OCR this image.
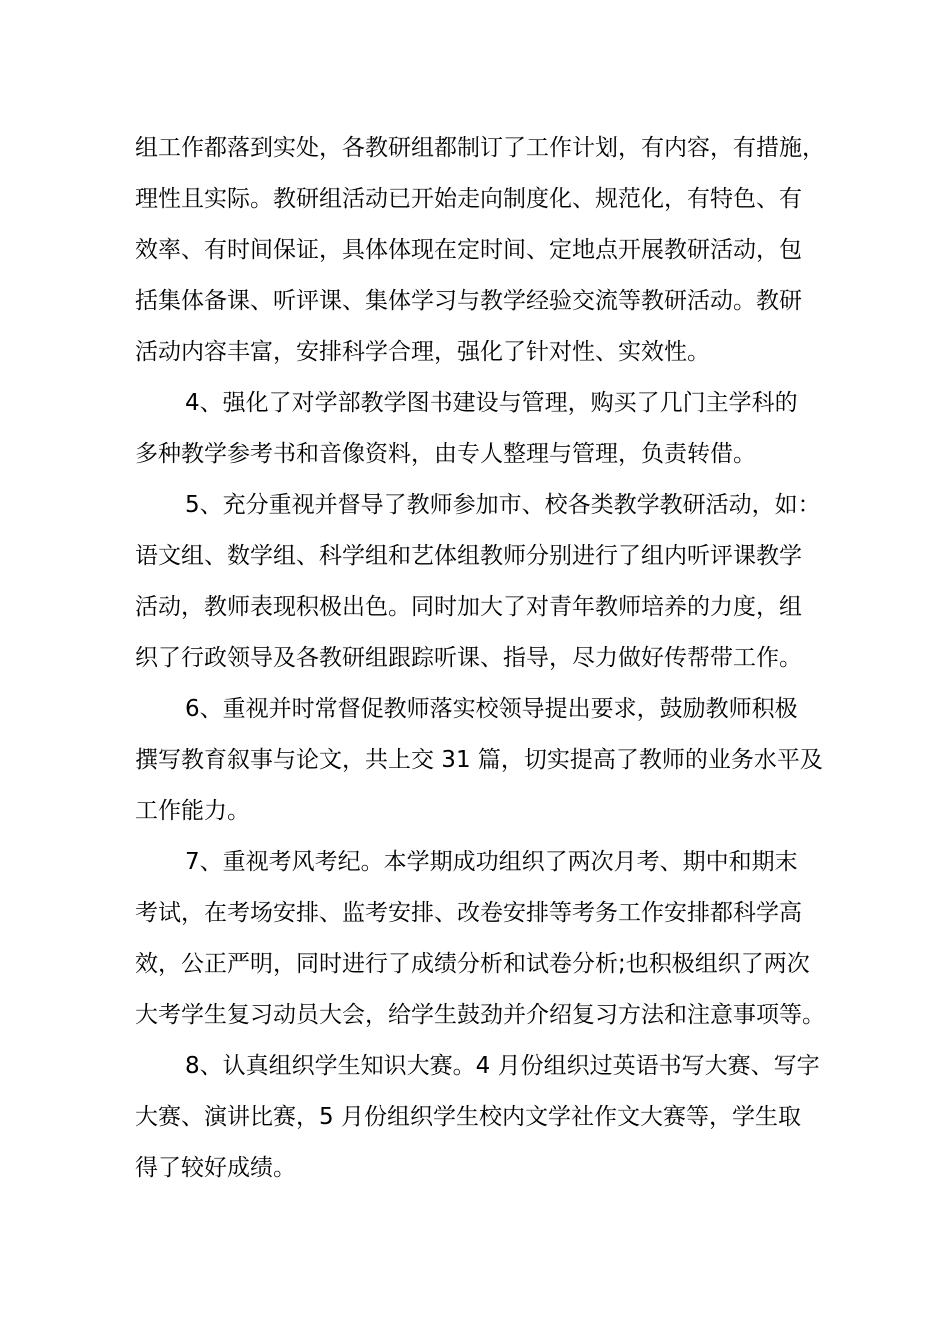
组工作都落到实处，各教研组都制订了工作计划，有内容，有措施，
理性且实际。教研组活动已开始走向制度化、规范化，有特色、有
效率、有时间保证，具体体现在定时间、定地点开展教研活动，包
括集体备课、听评课、集体学习与教学经验交流等教研活动。教研
活动内容丰富，安排科学合理，强化了针对性、实效性。
4、强化了对学部教学图书建设与管理，购买了几门主学科的
多种教学参考书和音像资料，由专人整理与管理，负责转借。
5、充分重视并督导了教师参加市、校各类教学教研活动，如：
语文组、数学组、科学组和艺体组教师分别进行了组内听评课教学
活动，教师表现积极出色。同时加大了对青年教师培养的力度，组
织了行政领导及各教研组跟踪听课、指导，尽力做好传帮带工作。
6、重视并时常督促教师落实校领导提出要求，鼓励教师积极
撰写教育叙事与论文，共上交 31 篇，切实提高了教师的业务水平及
工作能力。
7、重视考风考纪。本学期成功组织了两次月考、期中和期末
考试，在考场安排、监考安排、改卷安排等考务工作安排都科学高
效，公正严明，同时进行了成绩分析和试卷分析;也积极组织了两次
大考学生复习动员大会，给学生鼓劲并介绍复习方法和注意事项等。
8、认真组织学生知识大赛。4 月份组织过英语书写大赛、写字
大赛、演讲比赛，5 月份组织学生校内文学社作文大赛等，学生取
得了较好成绩。
